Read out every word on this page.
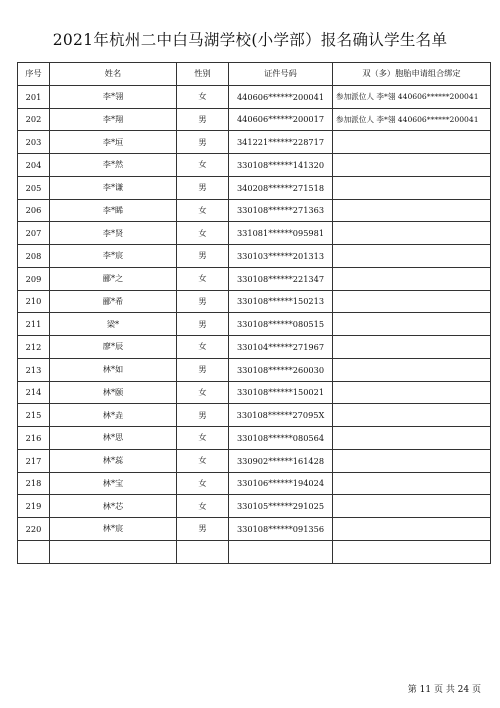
2021年杭州二中白马湖学校(小学部）报名确认学生名单
序号	姓名	性别	证件号码	双（多）胞胎申请组合绑定
201	李*翎	女	440606******200041	参加派位人 李*翎 440606******200041
202	李*翔	男	440606******200017	参加派位人 李*翎 440606******200041
203	李*垣	男	341221******228717	
204	李*然	女	330108******141320	
205	李*谦	男	340208******271518	
206	李*睎	女	330108******271363	
207	李*贤	女	331081******095981	
208	李*宸	男	330103******201313	
209	郦*之	女	330108******221347	
210	郦*希	男	330108******150213	
211	梁*	男	330108******080515	
212	廖*辰	女	330104******271967	
213	林*如	男	330108******260030	
214	林*颐	女	330108******150021	
215	林*垚	男	330108******27095X	
216	林*思	女	330108******080564	
217	林*蕊	女	330902******161428	
218	林*宝	女	330106******194024	
219	林*芯	女	330105******291025	
220	林*宸	男	330108******091356	

第 11 页 共 24 页
